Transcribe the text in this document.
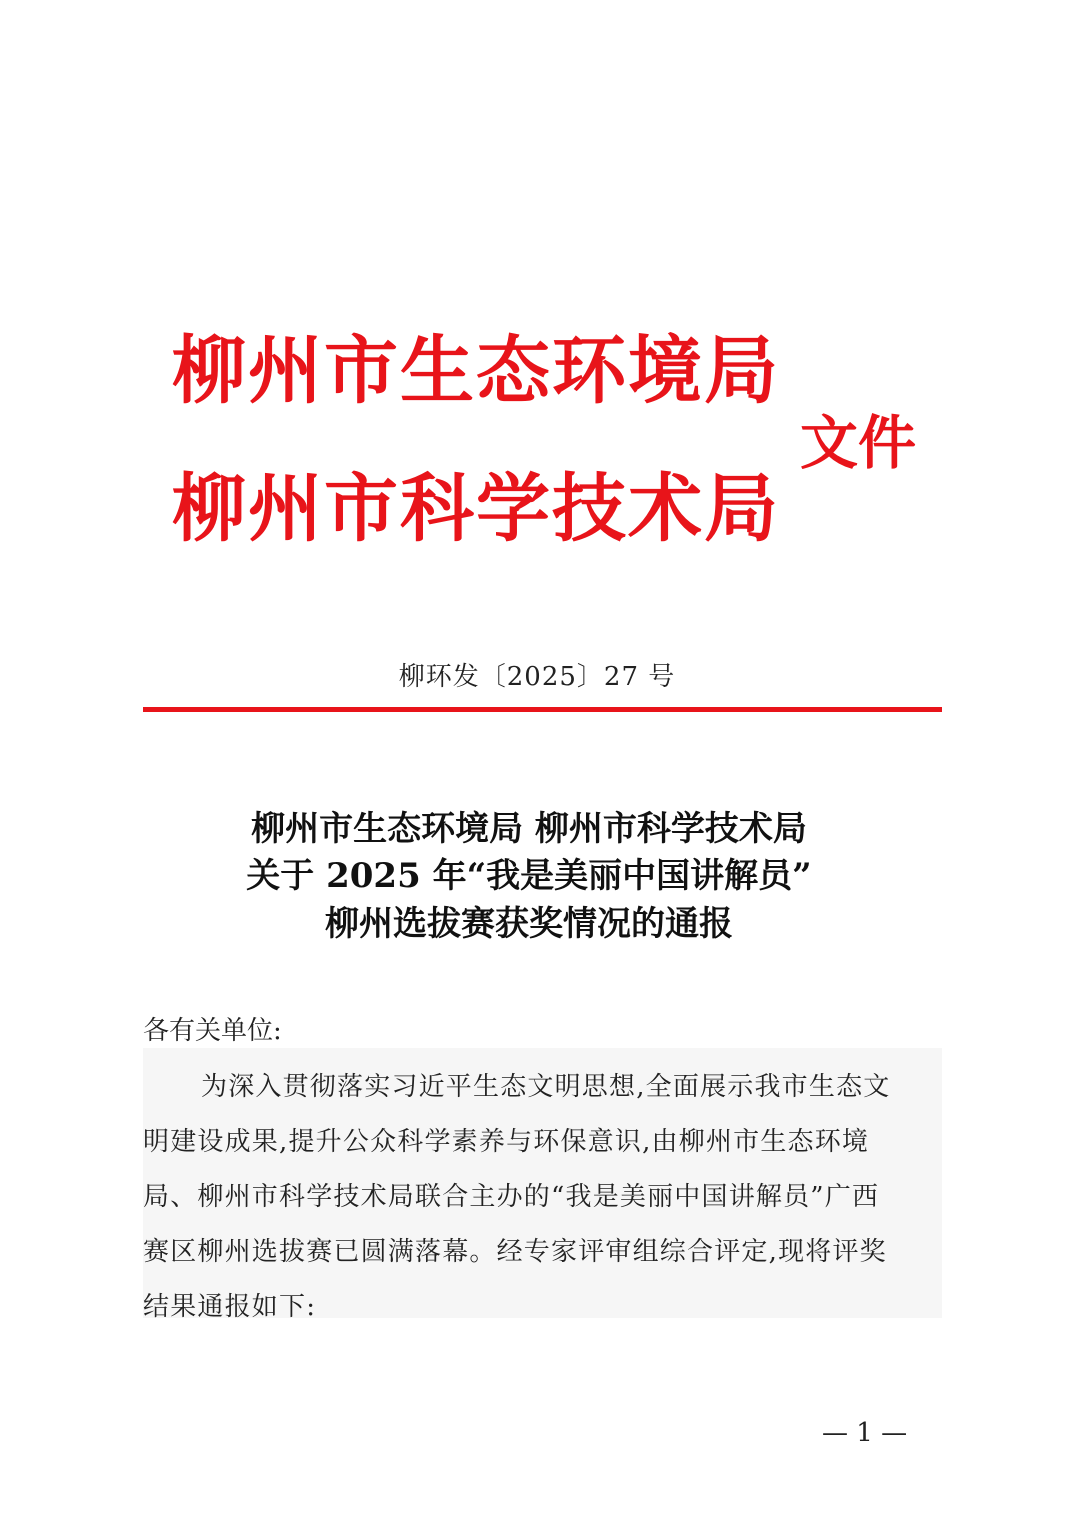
柳州市生态环境局
柳州市科学技术局
文件
柳环发〔2025〕27 号
柳州市生态环境局 柳州市科学技术局
关于 2025 年“我是美丽中国讲解员”
柳州选拔赛获奖情况的通报
各有关单位:
为深入贯彻落实习近平生态文明思想,全面展示我市生态文
明建设成果,提升公众科学素养与环保意识,由柳州市生态环境
局、柳州市科学技术局联合主办的“我是美丽中国讲解员”广西
赛区柳州选拔赛已圆满落幕。经专家评审组综合评定,现将评奖
结果通报如下:
— 1 —
